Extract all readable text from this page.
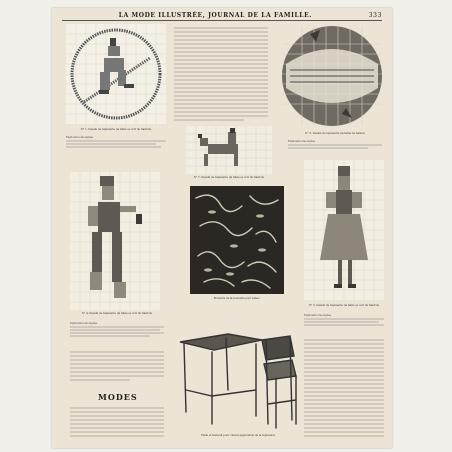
LA MODE ILLUSTRÉE, JOURNAL DE LA FAMILLE.	333
N° 1. Dessin de tapisserie (la table se voit du Santon)
Explication des signes
N° 3. Dessin de tapisserie (la table de ballon)
Explication des signes
N° 7. Dessin de tapisserie (la table se voit du Santon)
N° 4. Dessin de tapisserie (la table se voit du Santon)
Explication des signes
Broderie de la nouvelle pour tabac.
N° 5. Dessin de tapisserie (la table se voit du Santon)
Explication des signes
MODES
Table et fauteuil pour cheval application de la tapisserie
